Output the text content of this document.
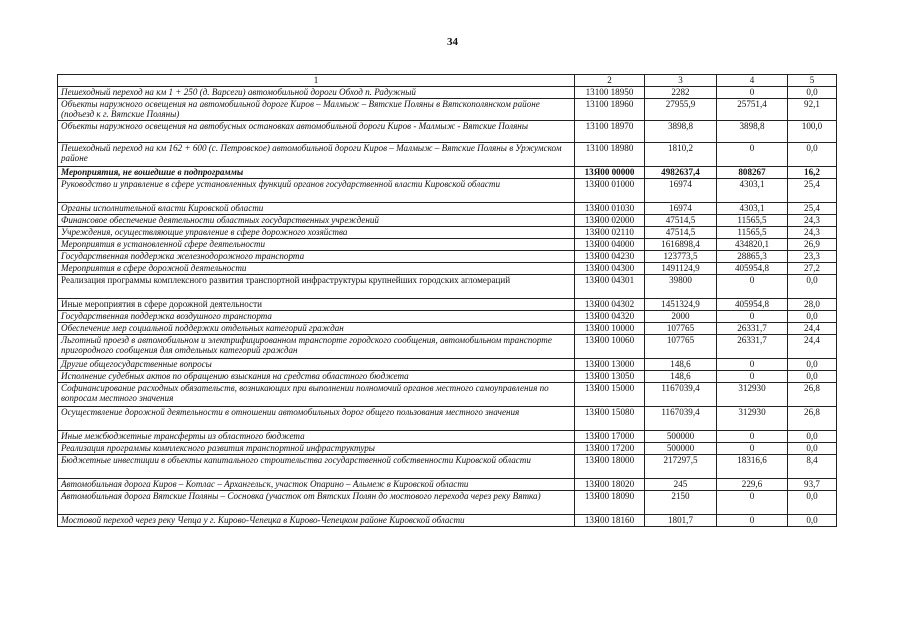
34
1	2	3	4	5
Пешеходный переход на км 1 + 250 (д. Варсеги) автомобильной дороги Обход п. Радужный	13100 18950	2282	0	0,0
Объекты наружного освещения на автомобильной дороге Киров – Малмыж – Вятские Поляны в Вятскополянском районе (подъезд к г. Вятские Поляны)	13100 18960	27955,9	25751,4	92,1
Объекты наружного освещения на автобусных остановках автомобильной дороги Киров - Малмыж - Вятские Поляны	13100 18970	3898,8	3898,8	100,0
Пешеходный переход на км 162 + 600 (с. Петровское) автомобильной дороги Киров – Малмыж – Вятские Поляны в Уржумском районе	13100 18980	1810,2	0	0,0
Мероприятия, не вошедшие в подпрограммы	13Я00 00000	4982637,4	808267	16,2
Руководство и управление в сфере установленных функций органов государственной власти Кировской области	13Я00 01000	16974	4303,1	25,4
Органы исполнительной власти Кировской области	13Я00 01030	16974	4303,1	25,4
Финансовое обеспечение деятельности областных государственных учреждений	13Я00 02000	47514,5	11565,5	24,3
Учреждения, осуществляющие управление в сфере дорожного хозяйства	13Я00 02110	47514,5	11565,5	24,3
Мероприятия в установленной сфере деятельности	13Я00 04000	1616898,4	434820,1	26,9
Государственная поддержка железнодорожного транспорта	13Я00 04230	123773,5	28865,3	23,3
Мероприятия в сфере дорожной деятельности	13Я00 04300	1491124,9	405954,8	27,2
Реализация программы комплексного развития транспортной инфраструктуры крупнейших городских агломераций	13Я00 04301	39800	0	0,0
Иные мероприятия в сфере дорожной деятельности	13Я00 04302	1451324,9	405954,8	28,0
Государственная поддержка воздушного транспорта	13Я00 04320	2000	0	0,0
Обеспечение мер социальной поддержки отдельных категорий граждан	13Я00 10000	107765	26331,7	24,4
Льготный проезд в автомобильном и электрифицированном транспорте городского сообщения, автомобильном транспорте пригородного сообщения для отдельных категорий граждан	13Я00 10060	107765	26331,7	24,4
Другие общегосударственные вопросы	13Я00 13000	148,6	0	0,0
Исполнение судебных актов по обращению взыскания на средства областного бюджета	13Я00 13050	148,6	0	0,0
Софинансирование расходных обязательств, возникающих при выполнении полномочий органов местного самоуправления по вопросам местного значения	13Я00 15000	1167039,4	312930	26,8
Осуществление дорожной деятельности в отношении автомобильных дорог общего пользования местного значения	13Я00 15080	1167039,4	312930	26,8
Иные межбюджетные трансферты из областного бюджета	13Я00 17000	500000	0	0,0
Реализация программы комплексного развития транспортной инфраструктуры	13Я00 17200	500000	0	0,0
Бюджетные инвестиции в объекты капитального строительства государственной собственности Кировской области	13Я00 18000	217297,5	18316,6	8,4
Автомобильная дорога Киров – Котлас – Архангельск, участок Опарино – Альмеж в Кировской области	13Я00 18020	245	229,6	93,7
Автомобильная дорога Вятские Поляны – Сосновка (участок от Вятских Полян до мостового перехода через реку Вятка)	13Я00 18090	2150	0	0,0
Мостовой переход через реку Чепца у г. Кирово-Чепецка в Кирово-Чепецком районе Кировской области	13Я00 18160	1801,7	0	0,0
